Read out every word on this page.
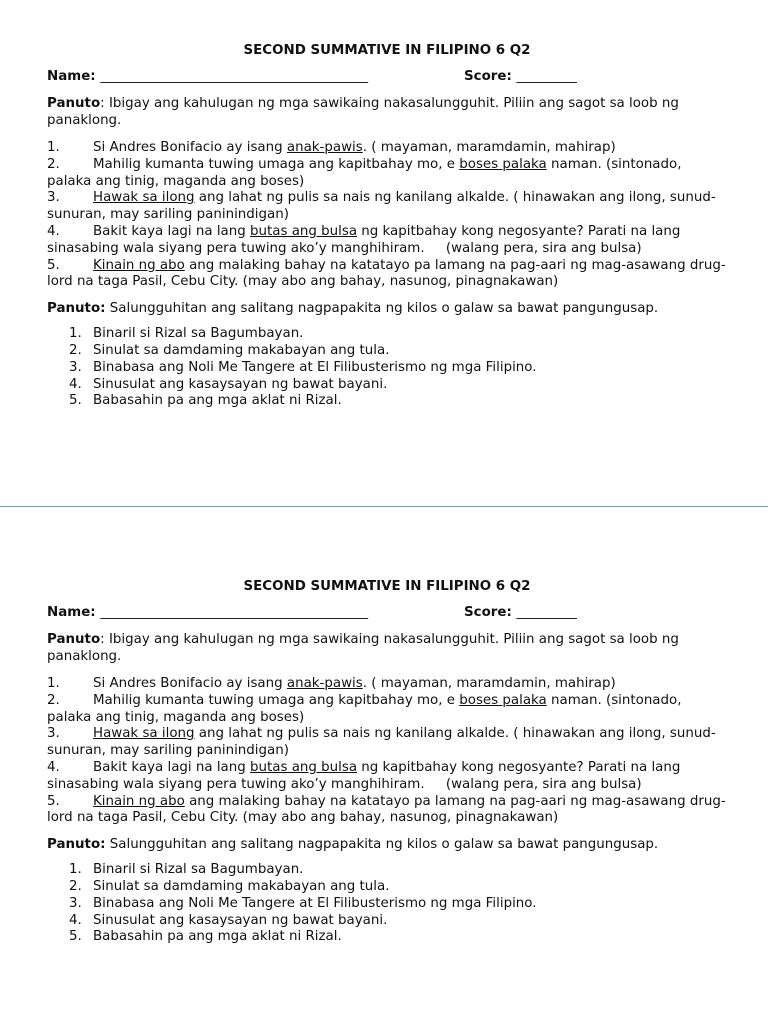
SECOND SUMMATIVE IN FILIPINO 6 Q2
Name: ________________________________________	Score: _________
Panuto: Ibigay ang kahulugan ng mga sawikaing nakasalungguhit. Piliin ang sagot sa loob ng panaklong.
1. Si Andres Bonifacio ay isang anak-pawis. ( mayaman, maramdamin, mahirap)
2. Mahilig kumanta tuwing umaga ang kapitbahay mo, e boses palaka naman. (sintonado, palaka ang tinig, maganda ang boses)
3. Hawak sa ilong ang lahat ng pulis sa nais ng kanilang alkalde. ( hinawakan ang ilong, sunud-sunuran, may sariling paninindigan)
4. Bakit kaya lagi na lang butas ang bulsa ng kapitbahay kong negosyante? Parati na lang sinasabing wala siyang pera tuwing ako’y manghihiram.     (walang pera, sira ang bulsa)
5. Kinain ng abo ang malaking bahay na katatayo pa lamang na pag-aari ng mag-asawang drug-lord na taga Pasil, Cebu City. (may abo ang bahay, nasunog, pinagnakawan)
Panuto: Salungguhitan ang salitang nagpapakita ng kilos o galaw sa bawat pangungusap.
1. Binaril si Rizal sa Bagumbayan.
2. Sinulat sa damdaming makabayan ang tula.
3. Binabasa ang Noli Me Tangere at El Filibusterismo ng mga Filipino.
4. Sinusulat ang kasaysayan ng bawat bayani.
5. Babasahin pa ang mga aklat ni Rizal.
SECOND SUMMATIVE IN FILIPINO 6 Q2
Name: ________________________________________	Score: _________
Panuto: Ibigay ang kahulugan ng mga sawikaing nakasalungguhit. Piliin ang sagot sa loob ng panaklong.
1. Si Andres Bonifacio ay isang anak-pawis. ( mayaman, maramdamin, mahirap)
2. Mahilig kumanta tuwing umaga ang kapitbahay mo, e boses palaka naman. (sintonado, palaka ang tinig, maganda ang boses)
3. Hawak sa ilong ang lahat ng pulis sa nais ng kanilang alkalde. ( hinawakan ang ilong, sunud-sunuran, may sariling paninindigan)
4. Bakit kaya lagi na lang butas ang bulsa ng kapitbahay kong negosyante? Parati na lang sinasabing wala siyang pera tuwing ako’y manghihiram.     (walang pera, sira ang bulsa)
5. Kinain ng abo ang malaking bahay na katatayo pa lamang na pag-aari ng mag-asawang drug-lord na taga Pasil, Cebu City. (may abo ang bahay, nasunog, pinagnakawan)
Panuto: Salungguhitan ang salitang nagpapakita ng kilos o galaw sa bawat pangungusap.
1. Binaril si Rizal sa Bagumbayan.
2. Sinulat sa damdaming makabayan ang tula.
3. Binabasa ang Noli Me Tangere at El Filibusterismo ng mga Filipino.
4. Sinusulat ang kasaysayan ng bawat bayani.
5. Babasahin pa ang mga aklat ni Rizal.
